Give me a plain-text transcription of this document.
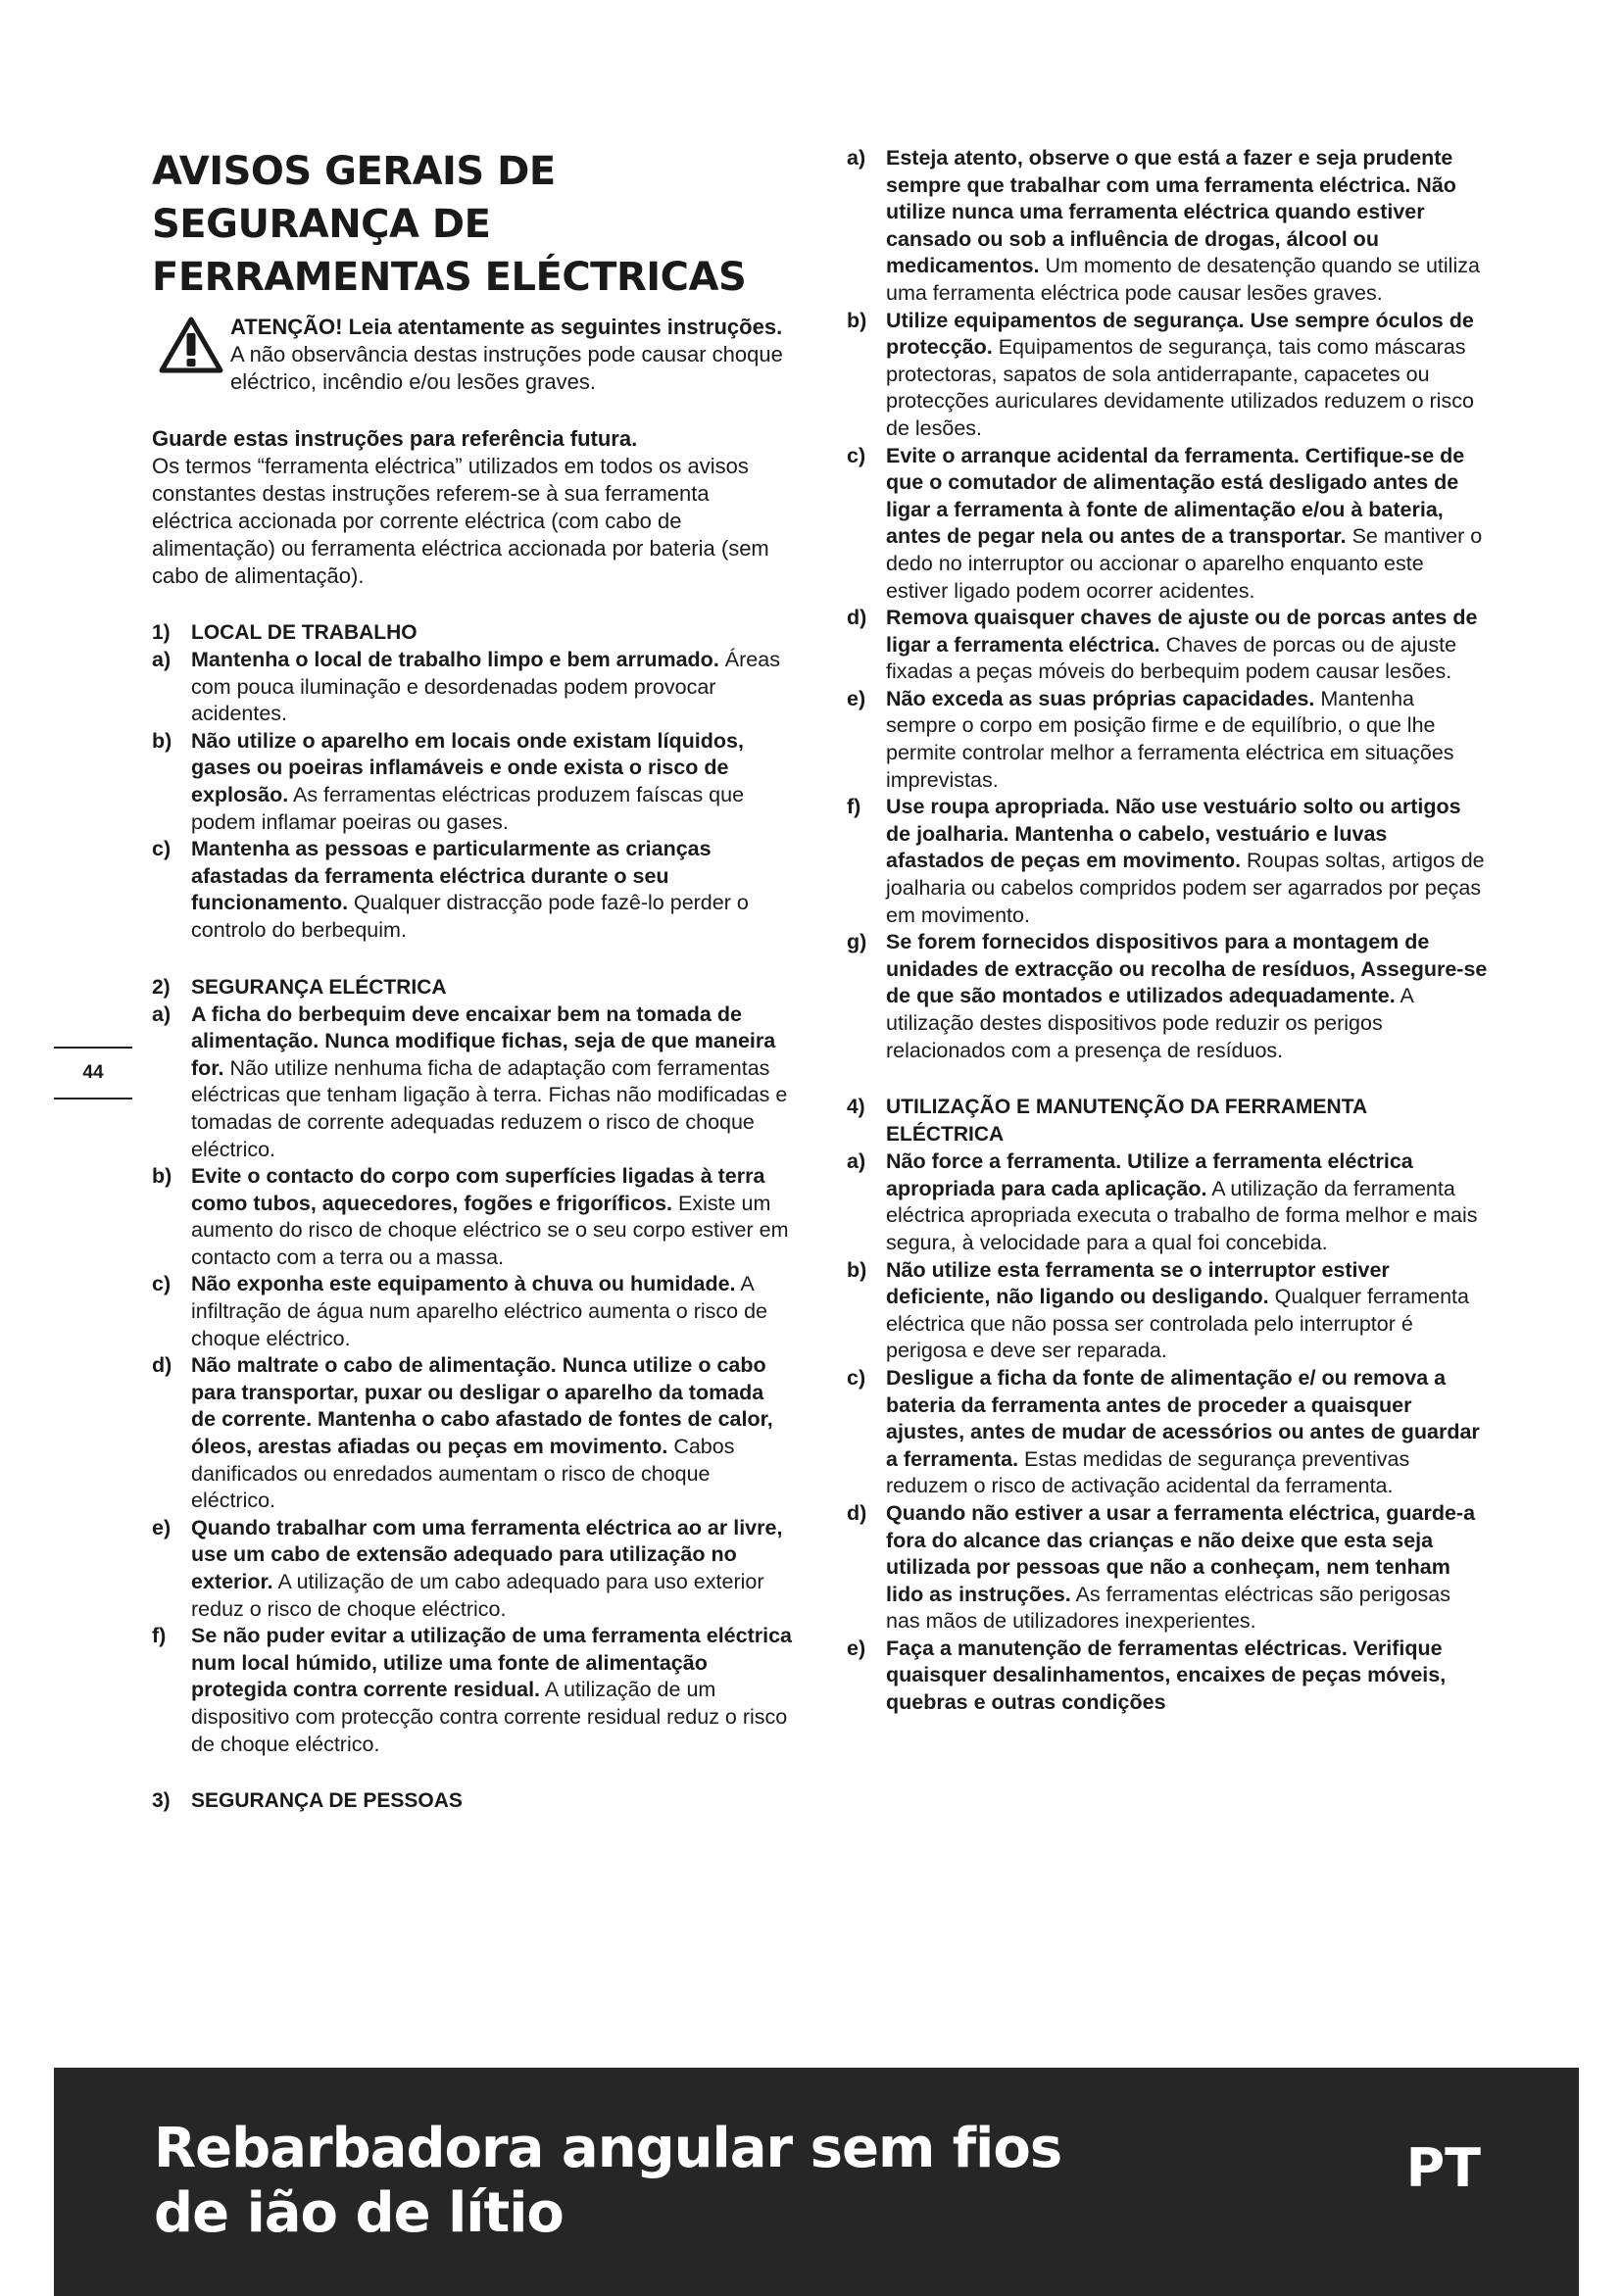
AVISOS GERAIS DE
SEGURANÇA DE
FERRAMENTAS ELÉCTRICAS

ATENÇÃO! Leia atentamente as seguintes instruções. A não observância destas instruções pode causar choque eléctrico, incêndio e/ou lesões graves.

Guarde estas instruções para referência futura.

Os termos “ferramenta eléctrica” utilizados em todos os avisos constantes destas instruções referem-se à sua ferramenta eléctrica accionada por corrente eléctrica (com cabo de alimentação) ou ferramenta eléctrica accionada por bateria (sem cabo de alimentação).

1)	LOCAL DE TRABALHO
a) Mantenha o local de trabalho limpo e bem arrumado. Áreas com pouca iluminação e desordenadas podem provocar acidentes.
b) Não utilize o aparelho em locais onde existam líquidos, gases ou poeiras inflamáveis e onde exista o risco de explosão. As ferramentas eléctricas produzem faíscas que podem inflamar poeiras ou gases.
c) Mantenha as pessoas e particularmente as crianças afastadas da ferramenta eléctrica durante o seu funcionamento. Qualquer distracção pode fazê-lo perder o controlo do berbequim.
2)	SEGURANÇA ELÉCTRICA
a) A ficha do berbequim deve encaixar bem na tomada de alimentação. Nunca modifique fichas, seja de que maneira for. Não utilize nenhuma ficha de adaptação com ferramentas eléctricas que tenham ligação à terra. Fichas não modificadas e tomadas de corrente adequadas reduzem o risco de choque eléctrico.
b) Evite o contacto do corpo com superfícies ligadas à terra como tubos, aquecedores, fogões e frigoríficos. Existe um aumento do risco de choque eléctrico se o seu corpo estiver em contacto com a terra ou a massa.
c) Não exponha este equipamento à chuva ou humidade. A infiltração de água num aparelho eléctrico aumenta o risco de choque eléctrico.
d) Não maltrate o cabo de alimentação. Nunca utilize o cabo para transportar, puxar ou desligar o aparelho da tomada de corrente. Mantenha o cabo afastado de fontes de calor, óleos, arestas afiadas ou peças em movimento. Cabos danificados ou enredados aumentam o risco de choque eléctrico.
e) Quando trabalhar com uma ferramenta eléctrica ao ar livre, use um cabo de extensão adequado para utilização no exterior. A utilização de um cabo adequado para uso exterior reduz o risco de choque eléctrico.
f)	Se não puder evitar a utilização de uma ferramenta eléctrica num local húmido, utilize uma fonte de alimentação protegida contra corrente residual. A utilização de um dispositivo com protecção contra corrente residual reduz o risco de choque eléctrico.
3)	SEGURANÇA DE PESSOAS
a) Esteja atento, observe o que está a fazer e seja prudente sempre que trabalhar com uma ferramenta eléctrica. Não utilize nunca uma ferramenta eléctrica quando estiver cansado ou sob a influência de drogas, álcool ou medicamentos. Um momento de desatenção quando se utiliza uma ferramenta eléctrica pode causar lesões graves.
b) Utilize equipamentos de segurança. Use sempre óculos de protecção. Equipamentos de segurança, tais como máscaras protectoras, sapatos de sola antiderrapante, capacetes ou protecções auriculares devidamente utilizados reduzem o risco de lesões.
c) Evite o arranque acidental da ferramenta. Certifique-se de que o comutador de alimentação está desligado antes de ligar a ferramenta à fonte de alimentação e/ou à bateria, antes de pegar nela ou antes de a transportar. Se mantiver o dedo no interruptor ou accionar o aparelho enquanto este estiver ligado podem ocorrer acidentes.
d) Remova quaisquer chaves de ajuste ou de porcas antes de ligar a ferramenta eléctrica. Chaves de porcas ou de ajuste fixadas a peças móveis do berbequim podem causar lesões.
e) Não exceda as suas próprias capacidades. Mantenha sempre o corpo em posição firme e de equilíbrio, o que lhe permite controlar melhor a ferramenta eléctrica em situações imprevistas.
f)	Use roupa apropriada. Não use vestuário solto ou artigos de joalharia. Mantenha o cabelo, vestuário e luvas afastados de peças em movimento. Roupas soltas, artigos de joalharia ou cabelos compridos podem ser agarrados por peças em movimento.
g) Se forem fornecidos dispositivos para a montagem de unidades de extracção ou recolha de resíduos, Assegure-se de que são montados e utilizados adequadamente. A utilização destes dispositivos pode reduzir os perigos relacionados com a presença de resíduos.
4)	UTILIZAÇÃO E MANUTENÇÃO DA FERRAMENTA ELÉCTRICA
a) Não force a ferramenta. Utilize a ferramenta eléctrica apropriada para cada aplicação. A utilização da ferramenta eléctrica apropriada executa o trabalho de forma melhor e mais segura, à velocidade para a qual foi concebida.
b) Não utilize esta ferramenta se o interruptor estiver deficiente, não ligando ou desligando. Qualquer ferramenta eléctrica que não possa ser controlada pelo interruptor é perigosa e deve ser reparada.
c) Desligue a ficha da fonte de alimentação e/ ou remova a bateria da ferramenta antes de proceder a quaisquer ajustes, antes de mudar de acessórios ou antes de guardar a ferramenta. Estas medidas de segurança preventivas reduzem o risco de activação acidental da ferramenta.
d) Quando não estiver a usar a ferramenta eléctrica, guarde-a fora do alcance das crianças e não deixe que esta seja utilizada por pessoas que não a conheçam, nem tenham lido as instruções. As ferramentas eléctricas são perigosas nas mãos de utilizadores inexperientes.
e) Faça a manutenção de ferramentas eléctricas. Verifique quaisquer desalinhamentos, encaixes de peças móveis, quebras e outras condições
44
Rebarbadora angular sem fios
de ião de lítio
PT
